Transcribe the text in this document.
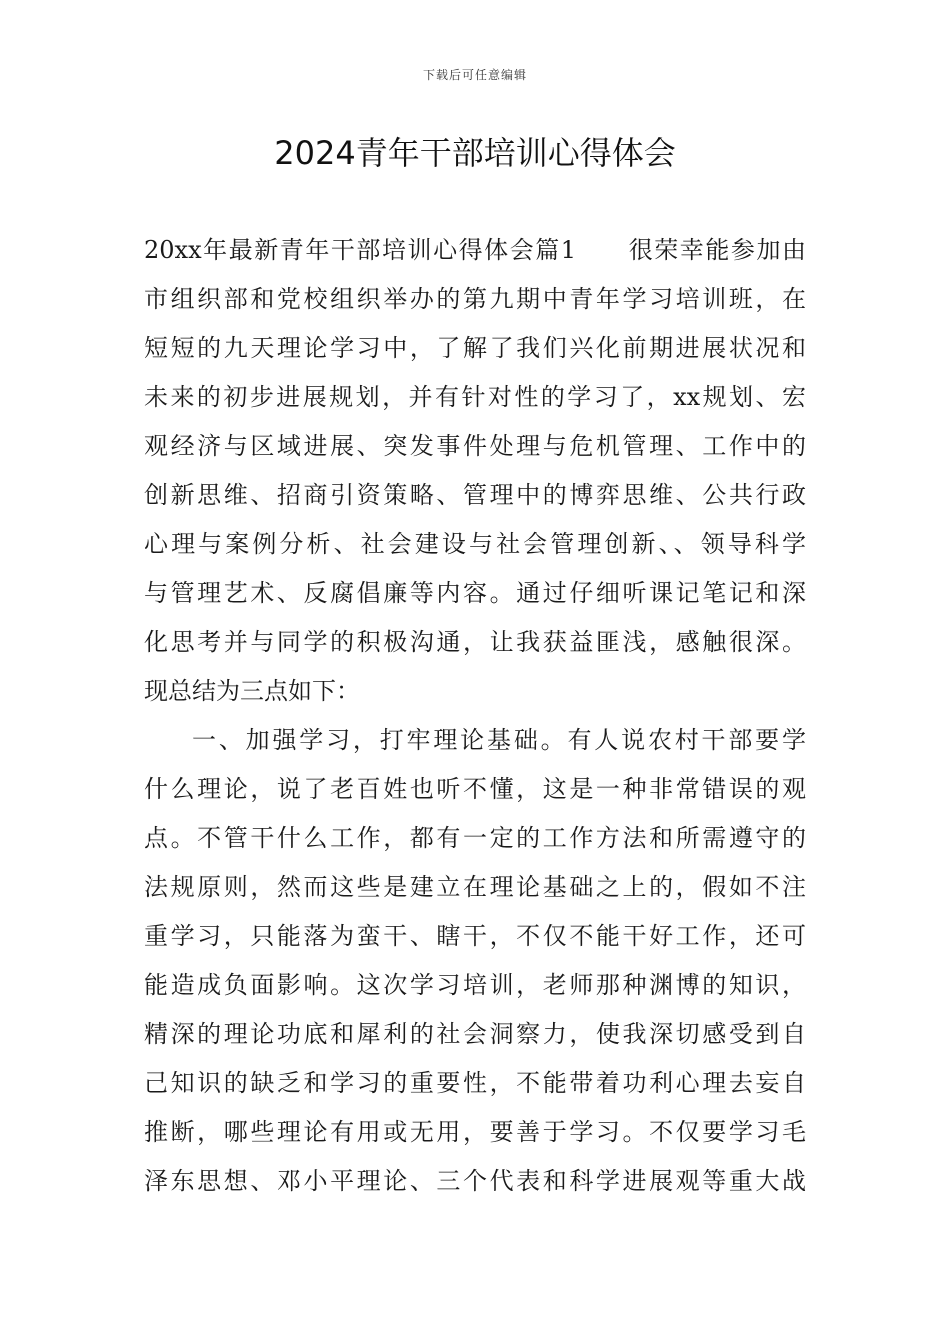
下载后可任意编辑
2024青年干部培训心得体会
20xx年最新青年干部培训心得体会篇1　　很荣幸能参加由
市组织部和党校组织举办的第九期中青年学习培训班，在
短短的九天理论学习中，了解了我们兴化前期进展状况和
未来的初步进展规划，并有针对性的学习了，xx规划、宏
观经济与区域进展、突发事件处理与危机管理、工作中的
创新思维、招商引资策略、管理中的博弈思维、公共行政
心理与案例分析、社会建设与社会管理创新、、领导科学
与管理艺术、反腐倡廉等内容。通过仔细听课记笔记和深
化思考并与同学的积极沟通，让我获益匪浅，感触很深。
现总结为三点如下：
一、加强学习，打牢理论基础。有人说农村干部要学
什么理论，说了老百姓也听不懂，这是一种非常错误的观
点。不管干什么工作，都有一定的工作方法和所需遵守的
法规原则，然而这些是建立在理论基础之上的，假如不注
重学习，只能落为蛮干、瞎干，不仅不能干好工作，还可
能造成负面影响。这次学习培训，老师那种渊博的知识，
精深的理论功底和犀利的社会洞察力，使我深切感受到自
己知识的缺乏和学习的重要性，不能带着功利心理去妄自
推断，哪些理论有用或无用，要善于学习。不仅要学习毛
泽东思想、邓小平理论、三个代表和科学进展观等重大战
